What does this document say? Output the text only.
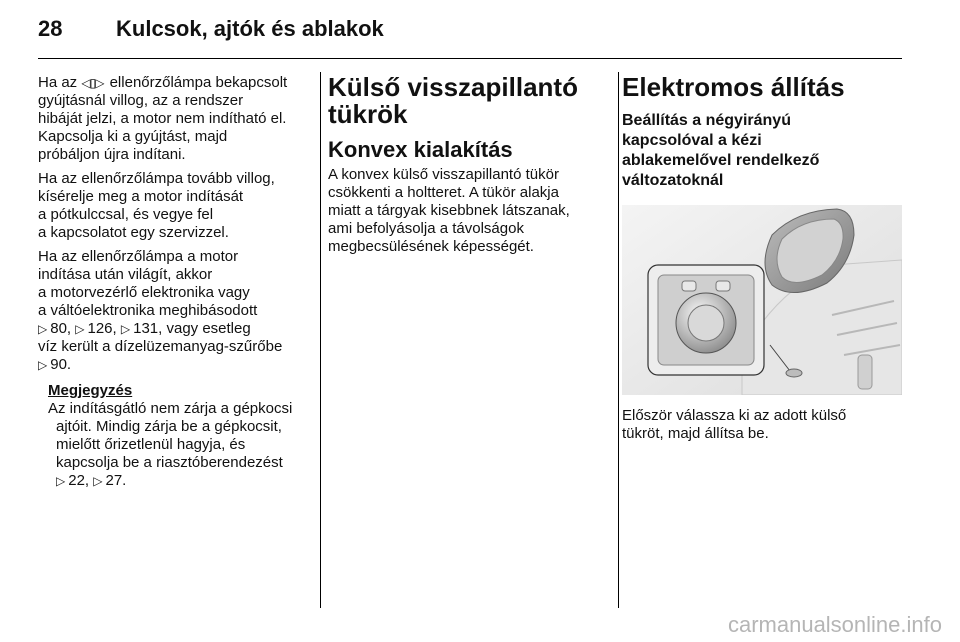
28 Kulcsok, ajtók és ablakok

Ha az ◁▯▷ ellenőrzőlámpa bekapcsolt

gyújtásnál villog, az a rendszer

hibáját jelzi, a motor nem indítható el.

Kapcsolja ki a gyújtást, majd

próbáljon újra indítani.

Ha az ellenőrzőlámpa tovább villog,

kísérelje meg a motor indítását

a pótkulccsal, és vegye fel

a kapcsolatot egy szervizzel.

Ha az ellenőrzőlámpa a motor

indítása után világít, akkor

a motorvezérlő elektronika vagy

a váltóelektronika meghibásodott

▷ 80, ▷ 126, ▷ 131, vagy esetleg

víz került a dízelüzemanyag-szűrőbe

▷ 90.

Megjegyzés

Az indításgátló nem zárja a gépkocsi

ajtóit. Mindig zárja be a gépkocsit,

mielőtt őrizetlenül hagyja, és

kapcsolja be a riasztóberendezést

▷ 22, ▷ 27.

Külső visszapillantó
tükrök
Konvex kialakítás

A konvex külső visszapillantó tükör

csökkenti a holtteret. A tükör alakja

miatt a tárgyak kisebbnek látszanak,

ami befolyásolja a távolságok

megbecsülésének képességét.

Elektromos állítás

Beállítás a négyirányú

kapcsolóval a kézi

ablakemelővel rendelkező

változatoknál

Először válassza ki az adott külső

tükröt, majd állítsa be.

carmanualsonline.info
